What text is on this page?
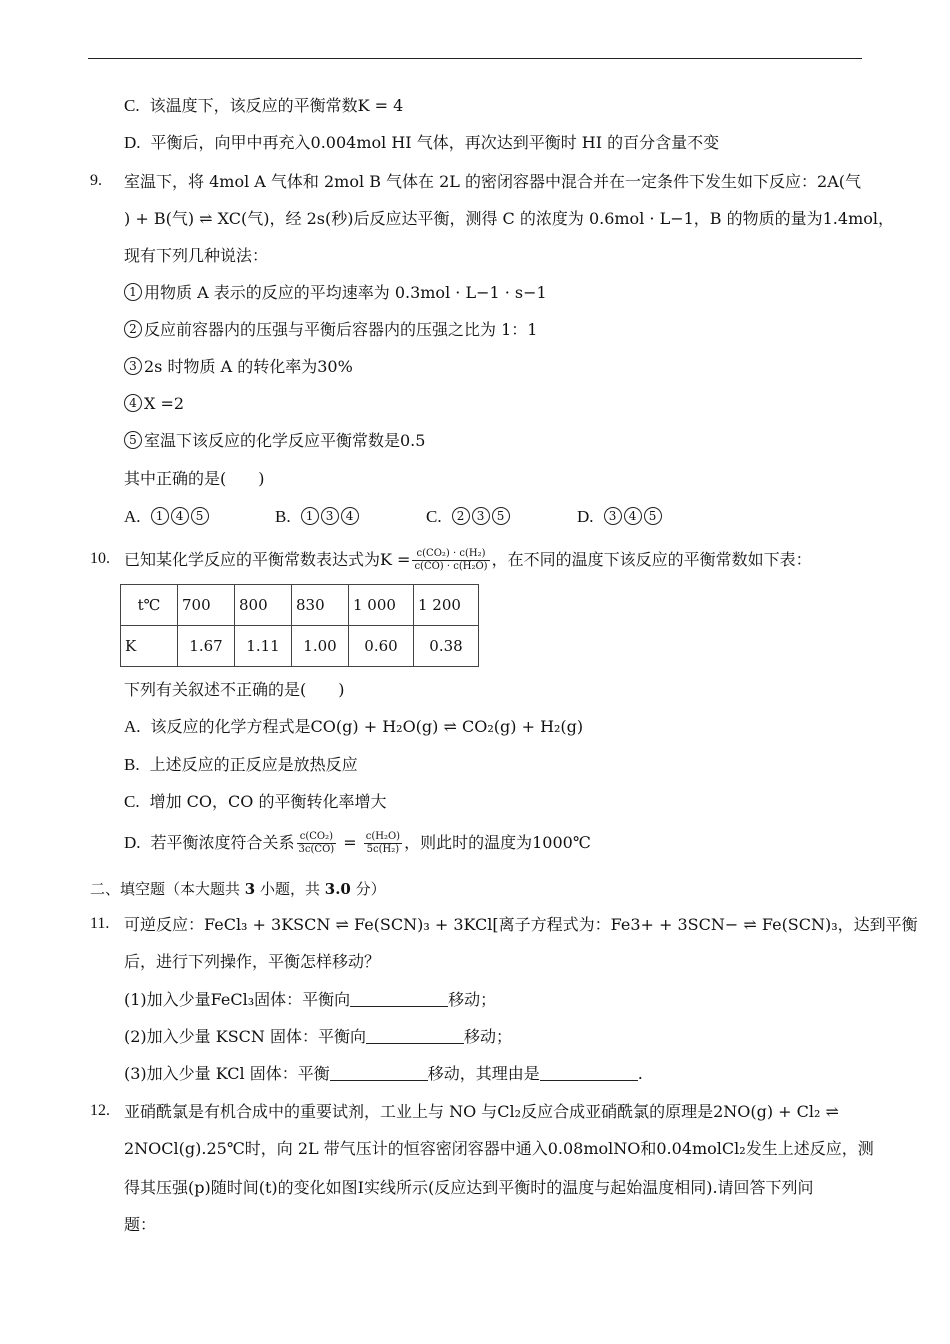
C. 该温度下，该反应的平衡常数K = 4
D. 平衡后，向甲中再充入0.004mol HI 气体，再次达到平衡时 HI 的百分含量不变
9. 室温下，将 4mol A 气体和 2mol B 气体在 2L 的密闭容器中混合并在一定条件下发生如下反应：2A(气
) + B(气) ⇌ XC(气)，经 2s(秒)后反应达平衡，测得 C 的浓度为 0.6mol · L−1，B 的物质的量为1.4mol，
现有下列几种说法：
1 用物质 A 表示的反应的平均速率为 0.3mol · L−1 · s−1
2 反应前容器内的压强与平衡后容器内的压强之比为 1：1
3 2s 时物质 A 的转化率为30%
4 X =2
5 室温下该反应的化学反应平衡常数是0.5
其中正确的是(　　)
A. 1 4 5	B. 1 3 4	C. 2 3 5	D. 3 4 5
10. 已知某化学反应的平衡常数表达式为$K = \frac{\text{c(CO₂) · c(H₂)}}{\text{c(CO) · c(H₂O)}}$ ，在不同的温度下该反应的平衡常数如下表：
t℃	700	800	830	1 000	1 200
K	1.67	1.11	1.00	0.60	0.38
下列有关叙述不正确的是(　　)
A. 该反应的化学方程式是CO(g) + H₂O(g) ⇌ CO₂(g) + H₂(g)
B. 上述反应的正反应是放热反应
C. 增加 CO，CO 的平衡转化率增大
D. 若平衡浓度符合关系 $\frac{\text{c(CO₂)}}{3c(CO)} = \frac{\text{c(H₂O)}}{\text{5c(H₂)}}$ ，则此时的温度为1000℃
二、填空题（本大题共 3 小题，共 3.0 分）
11. 可逆反应：FeCl₃ + 3KSCN ⇌ Fe(SCN)₃ + 3KCl[离子方程式为：Fe3+ + 3SCN− ⇌ Fe(SCN)₃，达到平衡
后，进行下列操作，平衡怎样移动？
(1)加入少量FeCl₃固体：平衡向	移动；
(2)加入少量 KSCN 固体：平衡向	移动；
(3)加入少量 KCl 固体：平衡	移动，其理由是	.
12. 亚硝酰氯是有机合成中的重要试剂，工业上与 NO 与Cl₂反应合成亚硝酰氯的原理是2NO(g) + Cl₂ ⇌
2NOCl(g).25℃时，向 2L 带气压计的恒容密闭容器中通入0.08molNO和0.04molCl₂发生上述反应，测
得其压强(p)随时间(t)的变化如图Ⅰ实线所示(反应达到平衡时的温度与起始温度相同).请回答下列问
题：
